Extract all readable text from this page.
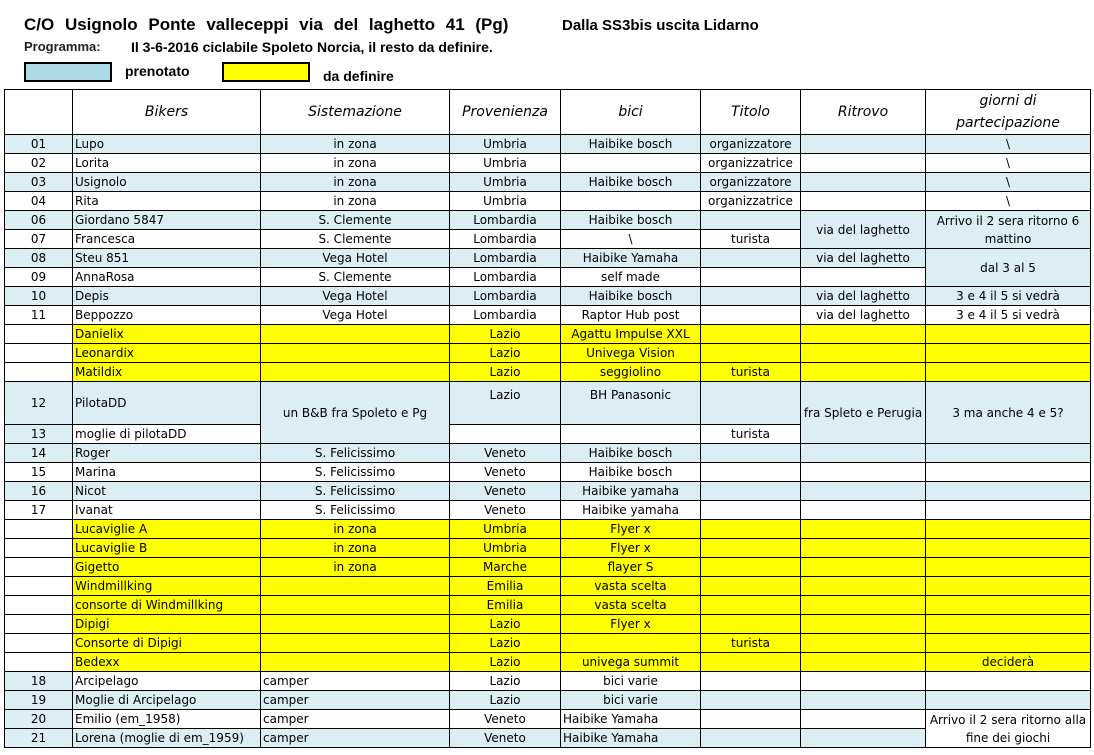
C/O Usignolo Ponte valleceppi via del laghetto 41 (Pg)	Dalla SS3bis uscita Lidarno
Programma: Il 3-6-2016 ciclabile Spoleto Norcia, il resto da definire.
prenotato	da definire
	Bikers	Sistemazione	Provenienza	bici	Titolo	Ritrovo	giorni di partecipazione
01	Lupo	in zona	Umbria	Haibike bosch	organizzatore		\
02	Lorita	in zona	Umbria		organizzatrice		\
03	Usignolo	in zona	Umbria	Haibike bosch	organizzatore		\
04	Rita	in zona	Umbria		organizzatrice		\
06	Giordano 5847	S. Clemente	Lombardia	Haibike bosch		via del laghetto	Arrivo il 2 sera ritorno 6 mattino
07	Francesca	S. Clemente	Lombardia	\	turista		
08	Steu 851	Vega Hotel	Lombardia	Haibike Yamaha		via del laghetto	dal 3 al 5
09	AnnaRosa	S. Clemente	Lombardia	self made			
10	Depis	Vega Hotel	Lombardia	Haibike bosch		via del laghetto	3 e 4 il 5 si vedrà
11	Beppozzo	Vega Hotel	Lombardia	Raptor Hub post		via del laghetto	3 e 4 il 5 si vedrà
	Danielix		Lazio	Agattu Impulse XXL			
	Leonardix		Lazio	Univega Vision			
	Matildix		Lazio	seggiolino	turista		
12	PilotaDD	un B&B fra Spoleto e Pg	Lazio	BH Panasonic		fra Spleto e Perugia	3 ma anche 4 e 5?
13	moglie di pilotaDD				turista		
14	Roger	S. Felicissimo	Veneto	Haibike bosch			
15	Marina	S. Felicissimo	Veneto	Haibike bosch			
16	Nicot	S. Felicissimo	Veneto	Haibike yamaha			
17	Ivanat	S. Felicissimo	Veneto	Haibike yamaha			
	Lucaviglie A	in zona	Umbria	Flyer x			
	Lucaviglie B	in zona	Umbria	Flyer x			
	Gigetto	in zona	Marche	flayer S			
	Windmillking		Emilia	vasta scelta			
	consorte di Windmillking		Emilia	vasta scelta			
	Dipigi		Lazio	Flyer x			
	Consorte di Dipigi		Lazio		turista		
	Bedexx		Lazio	univega summit			deciderà
18	Arcipelago	camper	Lazio	bici varie			
19	Moglie di Arcipelago	camper	Lazio	bici varie			
20	Emilio (em_1958)	camper	Veneto	Haibike Yamaha			Arrivo il 2 sera ritorno alla fine dei giochi
21	Lorena (moglie di em_1959)	camper	Veneto	Haibike Yamaha			
